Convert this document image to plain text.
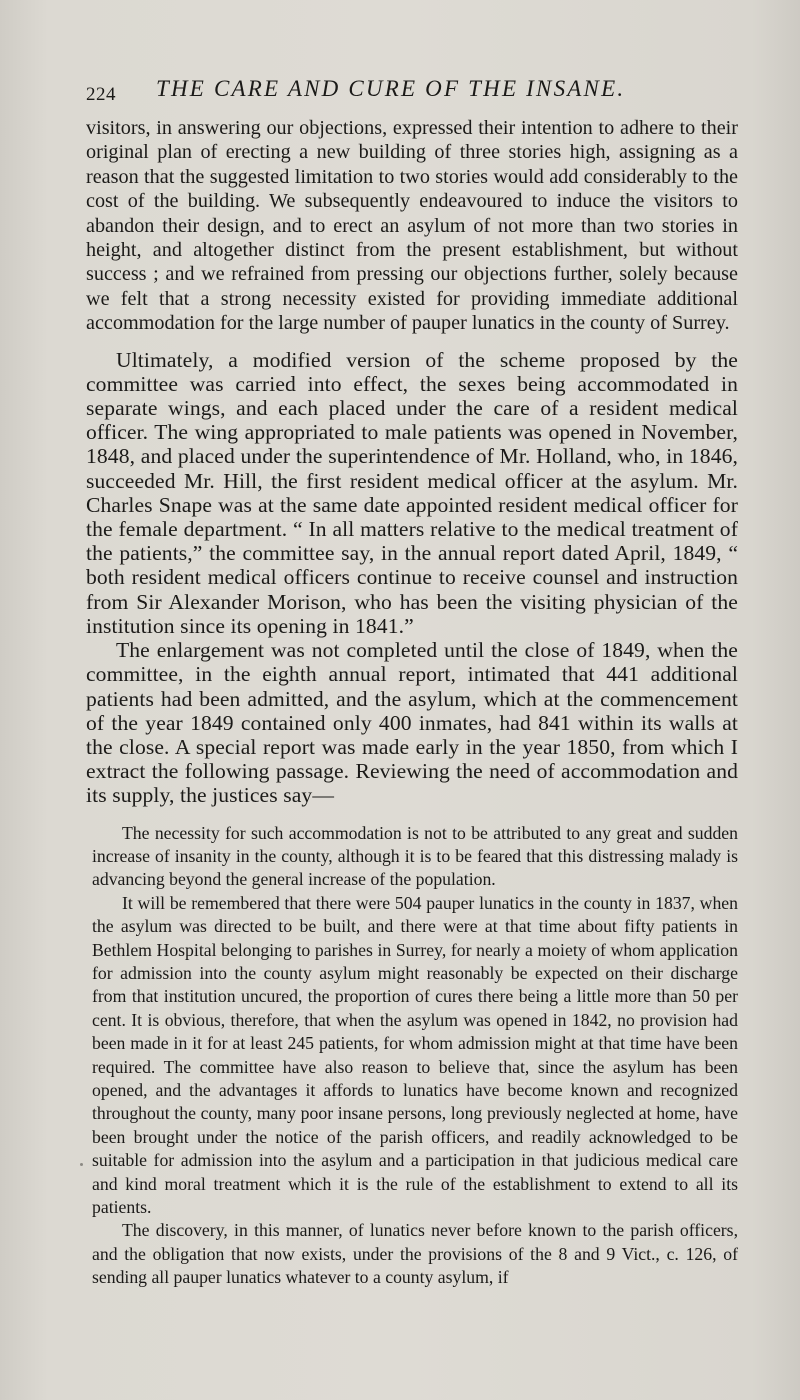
224 THE CARE AND CURE OF THE INSANE.

visitors, in answering our objections, expressed their intention to adhere to their original plan of erecting a new building of three stories high, assigning as a reason that the suggested limitation to two stories would add considerably to the cost of the building. We subsequently endeavoured to induce the visitors to abandon their design, and to erect an asylum of not more than two stories in height, and altogether distinct from the present establishment, but without success ; and we refrained from pressing our objections further, solely because we felt that a strong necessity existed for providing immediate additional accommodation for the large number of pauper lunatics in the county of Surrey.

Ultimately, a modified version of the scheme proposed by the committee was carried into effect, the sexes being accommodated in separate wings, and each placed under the care of a resident medical officer. The wing appropriated to male patients was opened in November, 1848, and placed under the superintendence of Mr. Holland, who, in 1846, succeeded Mr. Hill, the first resident medical officer at the asylum. Mr. Charles Snape was at the same date appointed resident medical officer for the female department. “ In all matters relative to the medical treatment of the patients,” the committee say, in the annual report dated April, 1849, “ both resident medical officers continue to receive counsel and instruction from Sir Alexander Morison, who has been the visiting physician of the institution since its opening in 1841.”

The enlargement was not completed until the close of 1849, when the committee, in the eighth annual report, intimated that 441 additional patients had been admitted, and the asylum, which at the commencement of the year 1849 contained only 400 inmates, had 841 within its walls at the close. A special report was made early in the year 1850, from which I extract the following passage. Reviewing the need of accommodation and its supply, the justices say—

The necessity for such accommodation is not to be attributed to any great and sudden increase of insanity in the county, although it is to be feared that this distressing malady is advancing beyond the general increase of the population.

It will be remembered that there were 504 pauper lunatics in the county in 1837, when the asylum was directed to be built, and there were at that time about fifty patients in Bethlem Hospital belonging to parishes in Surrey, for nearly a moiety of whom application for admission into the county asylum might reasonably be expected on their discharge from that institution uncured, the proportion of cures there being a little more than 50 per cent. It is obvious, therefore, that when the asylum was opened in 1842, no provision had been made in it for at least 245 patients, for whom admission might at that time have been required. The committee have also reason to believe that, since the asylum has been opened, and the advantages it affords to lunatics have become known and recognized throughout the county, many poor insane persons, long previously neglected at home, have been brought under the notice of the parish officers, and readily acknowledged to be suitable for admission into the asylum and a participation in that judicious medical care and kind moral treatment which it is the rule of the establishment to extend to all its patients.

The discovery, in this manner, of lunatics never before known to the parish officers, and the obligation that now exists, under the provisions of the 8 and 9 Vict., c. 126, of sending all pauper lunatics whatever to a county asylum, if
